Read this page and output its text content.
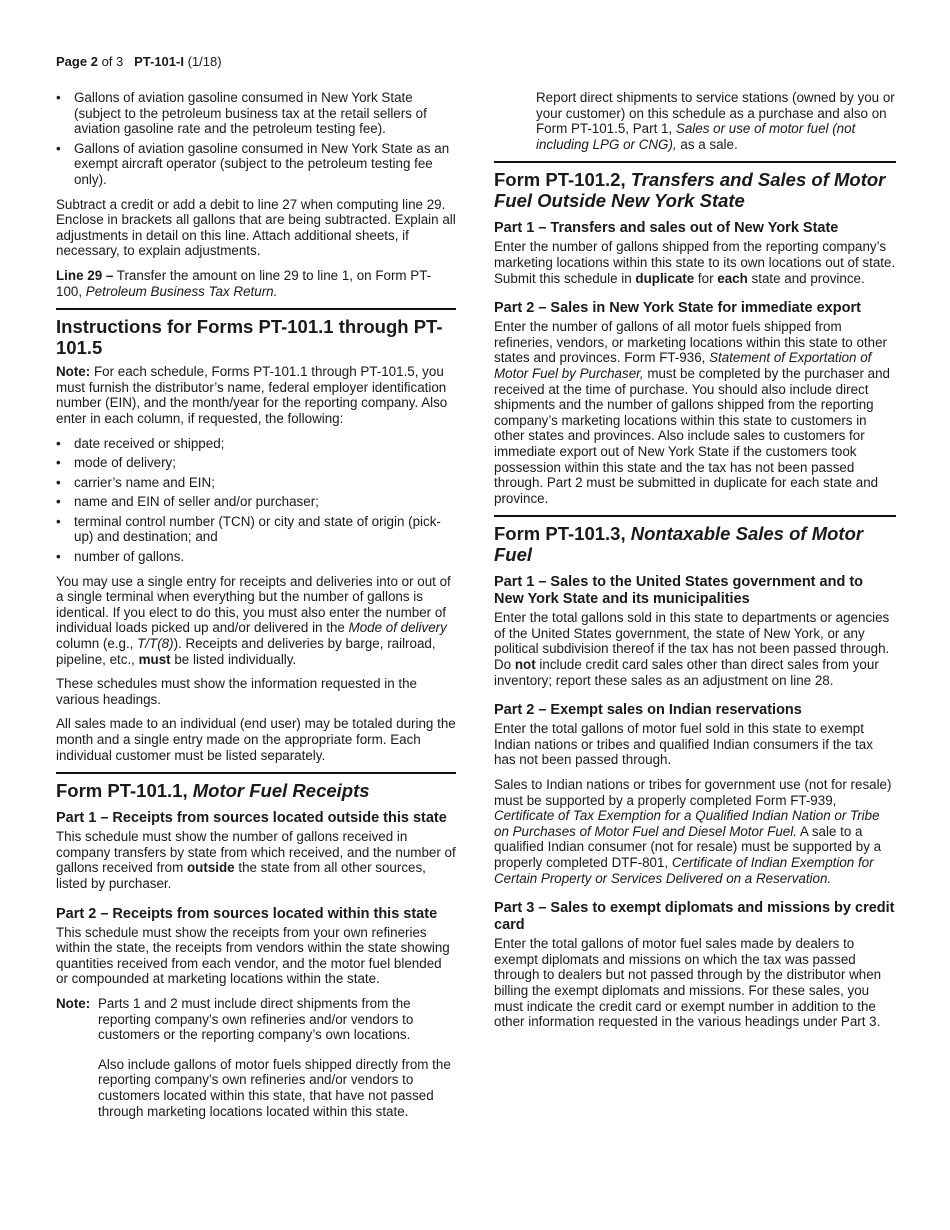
Page 2 of 3 PT-101-I (1/18)
• Gallons of aviation gasoline consumed in New York State (subject to the petroleum business tax at the retail sellers of aviation gasoline rate and the petroleum testing fee).
• Gallons of aviation gasoline consumed in New York State as an exempt aircraft operator (subject to the petroleum testing fee only).

Subtract a credit or add a debit to line 27 when computing line 29. Enclose in brackets all gallons that are being subtracted. Explain all adjustments in detail on this line. Attach additional sheets, if necessary, to explain adjustments.

Line 29 – Transfer the amount on line 29 to line 1, on Form PT-100, Petroleum Business Tax Return.

Instructions for Forms PT-101.1 through PT-101.5

Note: For each schedule, Forms PT-101.1 through PT-101.5, you must furnish the distributor’s name, federal employer identification number (EIN), and the month/year for the reporting company. Also enter in each column, if requested, the following:

• date received or shipped;
• mode of delivery;
• carrier’s name and EIN;
• name and EIN of seller and/or purchaser;
• terminal control number (TCN) or city and state of origin (pick-up) and destination; and
• number of gallons.

You may use a single entry for receipts and deliveries into or out of a single terminal when everything but the number of gallons is identical. If you elect to do this, you must also enter the number of individual loads picked up and/or delivered in the Mode of delivery column (e.g., T/T(8)). Receipts and deliveries by barge, railroad, pipeline, etc., must be listed individually.

These schedules must show the information requested in the various headings.

All sales made to an individual (end user) may be totaled during the month and a single entry made on the appropriate form. Each individual customer must be listed separately.

Form PT-101.1, Motor Fuel Receipts
Part 1 – Receipts from sources located outside this state

This schedule must show the number of gallons received in company transfers by state from which received, and the number of gallons received from outside the state from all other sources, listed by purchaser.

Part 2 – Receipts from sources located within this state

This schedule must show the receipts from your own refineries within the state, the receipts from vendors within the state showing quantities received from each vendor, and the motor fuel blended or compounded at marketing locations within the state.

Note: Parts 1 and 2 must include direct shipments from the reporting company’s own refineries and/or vendors to customers or the reporting company’s own locations.

Also include gallons of motor fuels shipped directly from the reporting company’s own refineries and/or vendors to customers located within this state, that have not passed through marketing locations located within this state.

Report direct shipments to service stations (owned by you or your customer) on this schedule as a purchase and also on Form PT-101.5, Part 1, Sales or use of motor fuel (not including LPG or CNG), as a sale.

Form PT-101.2, Transfers and Sales of Motor Fuel Outside New York State
Part 1 – Transfers and sales out of New York State

Enter the number of gallons shipped from the reporting company’s marketing locations within this state to its own locations out of state. Submit this schedule in duplicate for each state and province.

Part 2 – Sales in New York State for immediate export

Enter the number of gallons of all motor fuels shipped from refineries, vendors, or marketing locations within this state to other states and provinces. Form FT-936, Statement of Exportation of Motor Fuel by Purchaser, must be completed by the purchaser and received at the time of purchase. You should also include direct shipments and the number of gallons shipped from the reporting company’s marketing locations within this state to customers in other states and provinces. Also include sales to customers for immediate export out of New York State if the customers took possession within this state and the tax has not been passed through. Part 2 must be submitted in duplicate for each state and province.

Form PT-101.3, Nontaxable Sales of Motor Fuel
Part 1 – Sales to the United States government and to New York State and its municipalities

Enter the total gallons sold in this state to departments or agencies of the United States government, the state of New York, or any political subdivision thereof if the tax has not been passed through. Do not include credit card sales other than direct sales from your inventory; report these sales as an adjustment on line 28.

Part 2 – Exempt sales on Indian reservations

Enter the total gallons of motor fuel sold in this state to exempt Indian nations or tribes and qualified Indian consumers if the tax has not been passed through.

Sales to Indian nations or tribes for government use (not for resale) must be supported by a properly completed Form FT-939, Certificate of Tax Exemption for a Qualified Indian Nation or Tribe on Purchases of Motor Fuel and Diesel Motor Fuel. A sale to a qualified Indian consumer (not for resale) must be supported by a properly completed DTF-801, Certificate of Indian Exemption for Certain Property or Services Delivered on a Reservation.

Part 3 – Sales to exempt diplomats and missions by credit card

Enter the total gallons of motor fuel sales made by dealers to exempt diplomats and missions on which the tax was passed through to dealers but not passed through by the distributor when billing the exempt diplomats and missions. For these sales, you must indicate the credit card or exempt number in addition to the other information requested in the various headings under Part 3.
